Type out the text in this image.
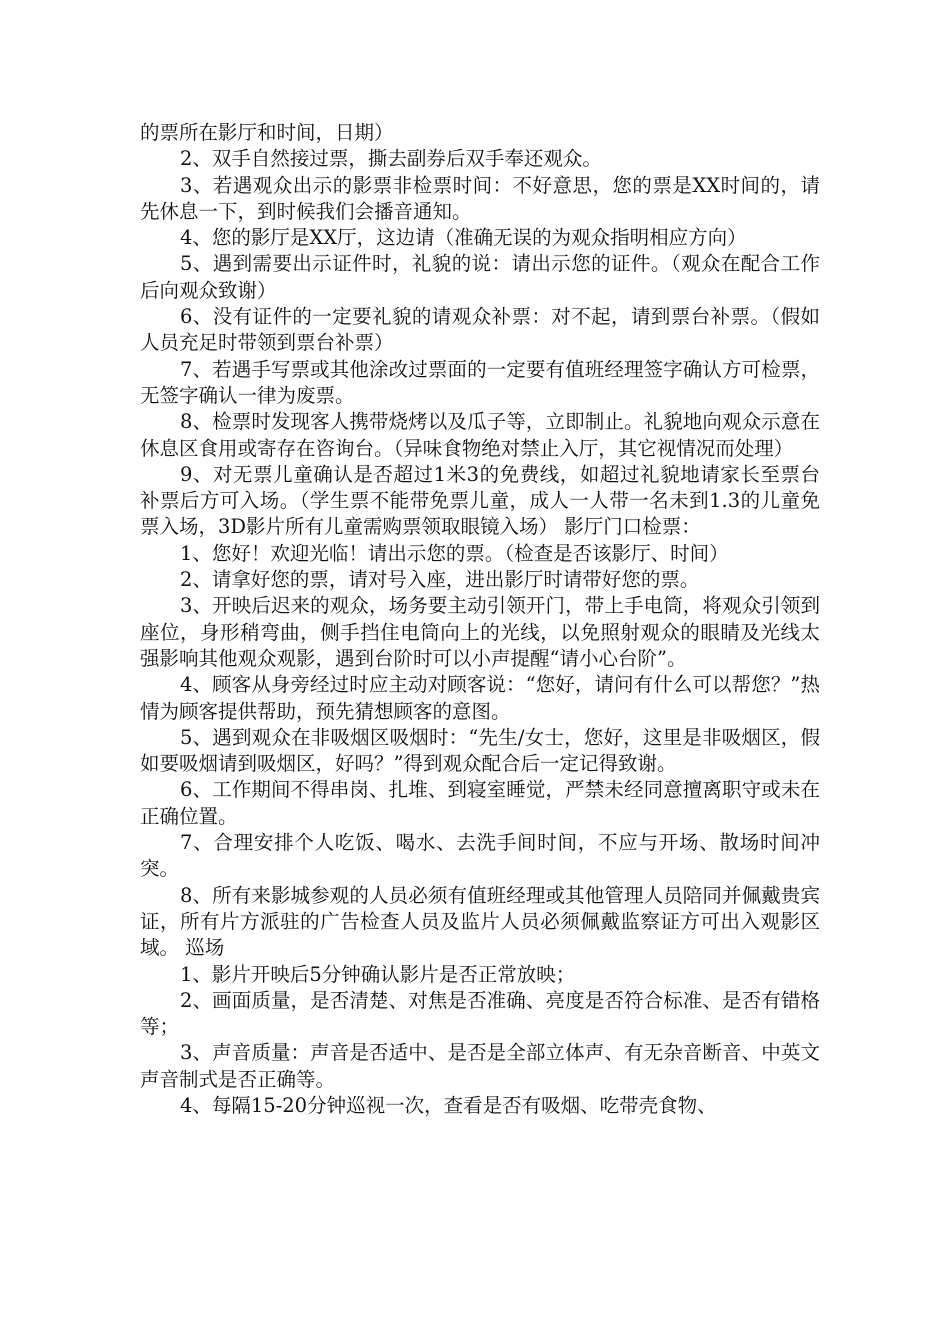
的票所在影厅和时间，日期）

2、双手自然接过票，撕去副券后双手奉还观众。

3、若遇观众出示的影票非检票时间：不好意思，您的票是XX时间的，请先休息一下，到时候我们会播音通知。

4、您的影厅是XX厅，这边请（准确无误的为观众指明相应方向）

5、遇到需要出示证件时，礼貌的说：请出示您的证件。（观众在配合工作后向观众致谢）

6、没有证件的一定要礼貌的请观众补票：对不起，请到票台补票。（假如人员充足时带领到票台补票）

7、若遇手写票或其他涂改过票面的一定要有值班经理签字确认方可检票，无签字确认一律为废票。

8、检票时发现客人携带烧烤以及瓜子等，立即制止。礼貌地向观众示意在休息区食用或寄存在咨询台。（异味食物绝对禁止入厅，其它视情况而处理）

9、对无票儿童确认是否超过1米3的免费线，如超过礼貌地请家长至票台补票后方可入场。（学生票不能带免票儿童，成人一人带一名未到1.3的儿童免票入场，3D影片所有儿童需购票领取眼镜入场） 影厅门口检票：

1、您好！欢迎光临！请出示您的票。（检查是否该影厅、时间）

2、请拿好您的票，请对号入座，进出影厅时请带好您的票。

3、开映后迟来的观众，场务要主动引领开门，带上手电筒，将观众引领到座位，身形稍弯曲，侧手挡住电筒向上的光线，以免照射观众的眼睛及光线太强影响其他观众观影，遇到台阶时可以小声提醒“请小心台阶”。

4、顾客从身旁经过时应主动对顾客说：“您好，请问有什么可以帮您？”热情为顾客提供帮助，预先猜想顾客的意图。

5、遇到观众在非吸烟区吸烟时：“先生/女士，您好，这里是非吸烟区，假如要吸烟请到吸烟区，好吗？”得到观众配合后一定记得致谢。

6、工作期间不得串岗、扎堆、到寝室睡觉，严禁未经同意擅离职守或未在正确位置。

7、合理安排个人吃饭、喝水、去洗手间时间，不应与开场、散场时间冲突。

8、所有来影城参观的人员必须有值班经理或其他管理人员陪同并佩戴贵宾证，所有片方派驻的广告检查人员及监片人员必须佩戴监察证方可出入观影区域。 巡场

1、影片开映后5分钟确认影片是否正常放映；

2、画面质量，是否清楚、对焦是否准确、亮度是否符合标准、是否有错格等；

3、声音质量：声音是否适中、是否是全部立体声、有无杂音断音、中英文声音制式是否正确等。

4、每隔15-20分钟巡视一次，查看是否有吸烟、吃带壳食物、
